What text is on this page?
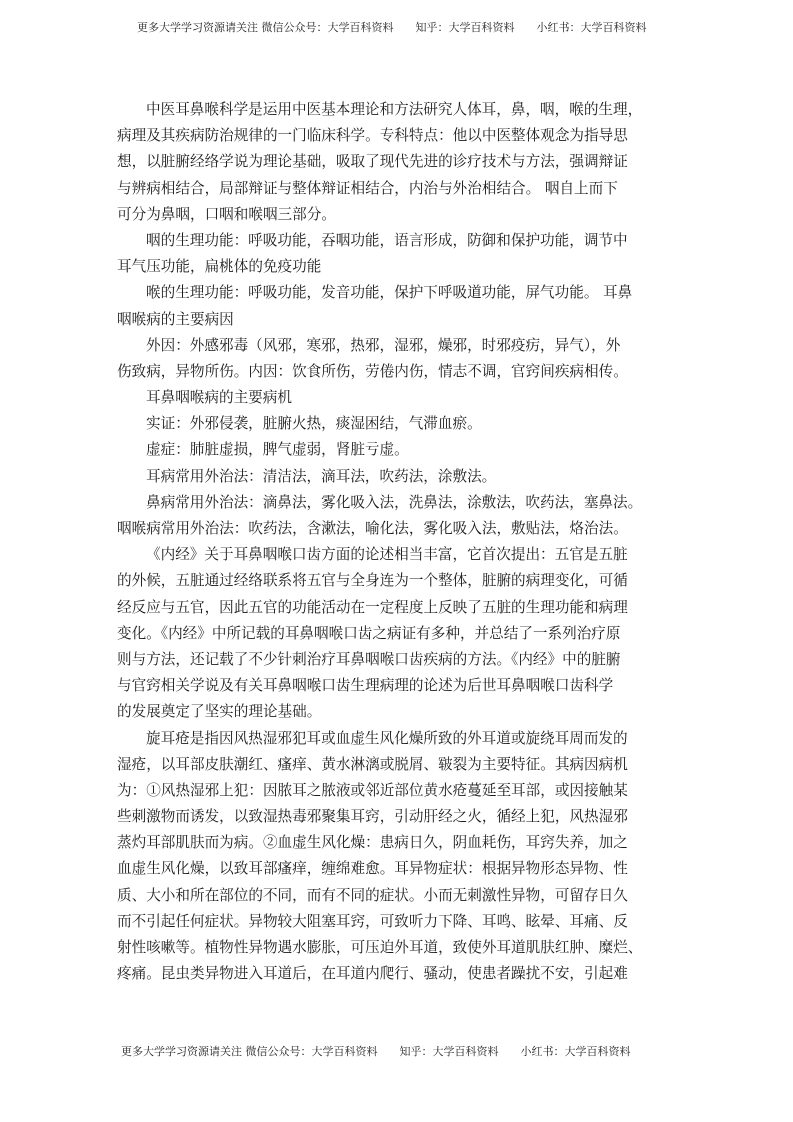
更多大学学习资源请关注 微信公众号：大学百科资料 知乎：大学百科资料 小红书：大学百科资料
中医耳鼻喉科学是运用中医基本理论和方法研究人体耳，鼻，咽，喉的生理，
病理及其疾病防治规律的一门临床科学。专科特点：他以中医整体观念为指导思
想，以脏腑经络学说为理论基础，吸取了现代先进的诊疗技术与方法，强调辩证
与辨病相结合，局部辩证与整体辩证相结合，内治与外治相结合。 咽自上而下
可分为鼻咽，口咽和喉咽三部分。
咽的生理功能：呼吸功能，吞咽功能，语言形成，防御和保护功能，调节中
耳气压功能，扁桃体的免疫功能
喉的生理功能：呼吸功能，发音功能，保护下呼吸道功能，屏气功能。 耳鼻
咽喉病的主要病因
外因：外感邪毒（风邪，寒邪，热邪，湿邪，燥邪，时邪疫疠，异气），外
伤致病，异物所伤。内因：饮食所伤，劳倦内伤，情志不调，官窍间疾病相传。
耳鼻咽喉病的主要病机
实证：外邪侵袭，脏腑火热，痰湿困结，气滞血瘀。
虚症：肺脏虚损，脾气虚弱，肾脏亏虚。
耳病常用外治法：清洁法，滴耳法，吹药法，涂敷法。
鼻病常用外治法：滴鼻法，雾化吸入法，洗鼻法，涂敷法，吹药法，塞鼻法。
咽喉病常用外治法：吹药法，含漱法，喻化法，雾化吸入法，敷贴法，烙治法。
《内经》关于耳鼻咽喉口齿方面的论述相当丰富，它首次提出：五官是五脏
的外候，五脏通过经络联系将五官与全身连为一个整体，脏腑的病理变化，可循
经反应与五官，因此五官的功能活动在一定程度上反映了五脏的生理功能和病理
变化。《内经》中所记载的耳鼻咽喉口齿之病证有多种，并总结了一系列治疗原
则与方法，还记载了不少针刺治疗耳鼻咽喉口齿疾病的方法。《内经》中的脏腑
与官窍相关学说及有关耳鼻咽喉口齿生理病理的论述为后世耳鼻咽喉口齿科学
的发展奠定了坚实的理论基础。
旋耳疮是指因风热湿邪犯耳或血虚生风化燥所致的外耳道或旋绕耳周而发的
湿疮，以耳部皮肤潮红、瘙痒、黄水淋漓或脱屑、皲裂为主要特征。其病因病机
为：①风热湿邪上犯：因脓耳之脓液或邻近部位黄水疮蔓延至耳部，或因接触某
些刺激物而诱发，以致湿热毒邪聚集耳窍，引动肝经之火，循经上犯，风热湿邪
蒸灼耳部肌肤而为病。②血虚生风化燥：患病日久，阴血耗伤，耳窍失养，加之
血虚生风化燥，以致耳部瘙痒，缠绵难愈。耳异物症状：根据异物形态异物、性
质、大小和所在部位的不同，而有不同的症状。小而无刺激性异物，可留存日久
而不引起任何症状。异物较大阻塞耳窍，可致听力下降、耳鸣、眩晕、耳痛、反
射性咳嗽等。植物性异物遇水膨胀，可压迫外耳道，致使外耳道肌肤红肿、糜烂、
疼痛。昆虫类异物进入耳道后，在耳道内爬行、骚动，使患者躁扰不安，引起难
更多大学学习资源请关注 微信公众号：大学百科资料 知乎：大学百科资料 小红书：大学百科资料
